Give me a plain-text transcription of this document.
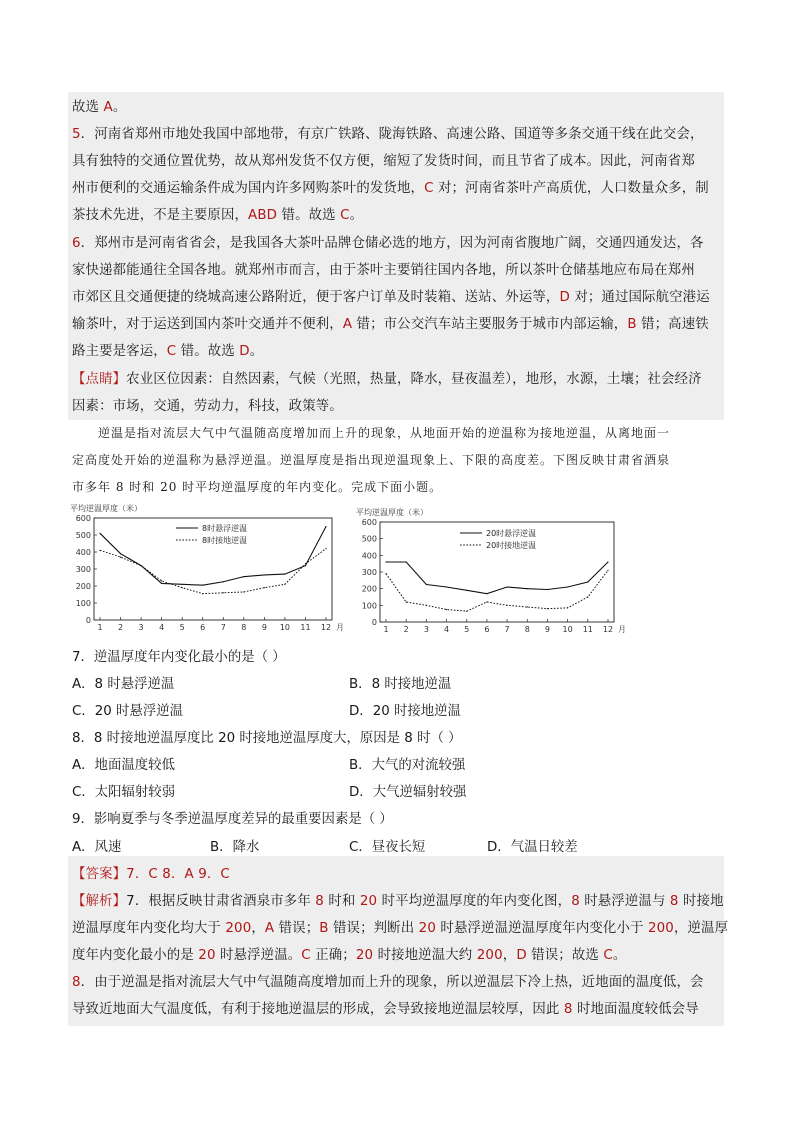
故选 A。
5．河南省郑州市地处我国中部地带，有京广铁路、陇海铁路、高速公路、国道等多条交通干线在此交会，
具有独特的交通位置优势，故从郑州发货不仅方便，缩短了发货时间，而且节省了成本。因此，河南省郑
州市便利的交通运输条件成为国内许多网购茶叶的发货地，C 对；河南省茶叶产高质优，人口数量众多，制
茶技术先进，不是主要原因，ABD 错。故选 C。
6．郑州市是河南省省会，是我国各大茶叶品牌仓储必选的地方，因为河南省腹地广阔，交通四通发达，各
家快递都能通往全国各地。就郑州市而言，由于茶叶主要销往国内各地，所以茶叶仓储基地应布局在郑州
市郊区且交通便捷的绕城高速公路附近，便于客户订单及时装箱、送站、外运等，D 对；通过国际航空港运
输茶叶，对于运送到国内茶叶交通并不便利，A 错；市公交汽车站主要服务于城市内部运输，B 错；高速铁
路主要是客运，C 错。故选 D。
【点睛】农业区位因素：自然因素，气候（光照，热量，降水，昼夜温差），地形，水源，土壤；社会经济
因素：市场，交通，劳动力，科技，政策等。
逆温是指对流层大气中气温随高度增加而上升的现象，从地面开始的逆温称为接地逆温，从离地面一
定高度处开始的逆温称为悬浮逆温。逆温厚度是指出现逆温现象上、下限的高度差。下图反映甘肃省酒泉
市多年 8 时和 20 时平均逆温厚度的年内变化。完成下面小题。
平均逆温厚度（米）
0
100
200
300
400
500
600
1 2 3 4 5 6 7 8 9 10 11 12 月
8时悬浮逆温
8时接地逆温
平均逆温厚度（米）
0
100
200
300
400
500
600
1 2 3 4 5 6 7 8 9 10 11 12 月
20时悬浮逆温
20时接地逆温
7．逆温厚度年内变化最小的是（ ）
A．8 时悬浮逆温	B．8 时接地逆温
C．20 时悬浮逆温	D．20 时接地逆温
8．8 时接地逆温厚度比 20 时接地逆温厚度大，原因是 8 时（ ）
A．地面温度较低	B．大气的对流较强
C．太阳辐射较弱	D．大气逆辐射较强
9．影响夏季与冬季逆温厚度差异的最重要因素是（ ）
A．风速	B．降水	C．昼夜长短	D．气温日较差
【答案】7．C 8．A 9．C
【解析】7．根据反映甘肃省酒泉市多年 8 时和 20 时平均逆温厚度的年内变化图，8 时悬浮逆温与 8 时接地
逆温厚度年内变化均大于 200，A 错误；B 错误；判断出 20 时悬浮逆温逆温厚度年内变化小于 200，逆温厚
度年内变化最小的是 20 时悬浮逆温。C 正确；20 时接地逆温大约 200，D 错误；故选 C。
8．由于逆温是指对流层大气中气温随高度增加而上升的现象，所以逆温层下冷上热，近地面的温度低，会
导致近地面大气温度低，有利于接地逆温层的形成，会导致接地逆温层较厚，因此 8 时地面温度较低会导
